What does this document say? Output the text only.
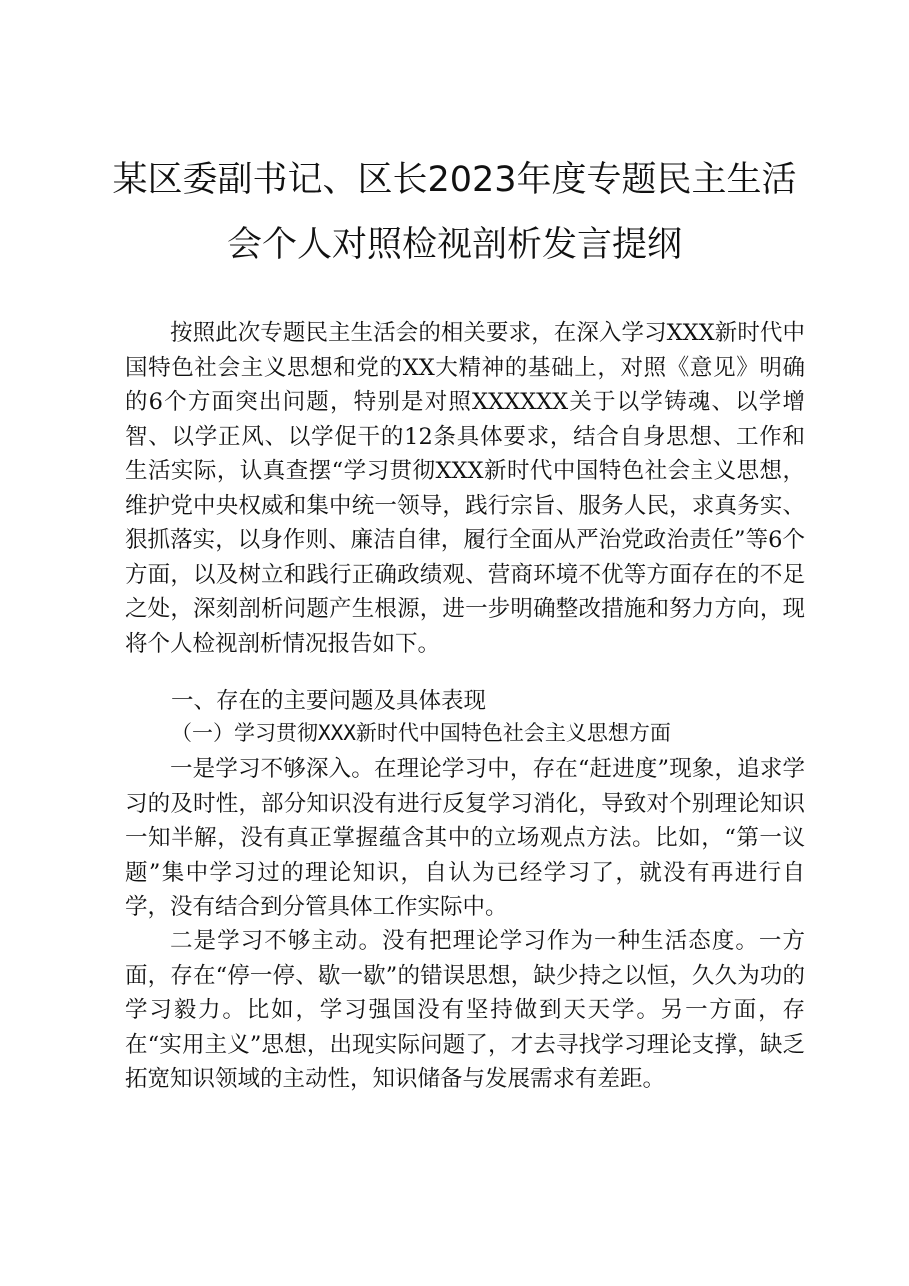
某区委副书记、区长2023年度专题民主生活
会个人对照检视剖析发言提纲

按照此次专题民主生活会的相关要求，在深入学习XXX新时代中国特色社会主义思想和党的XX大精神的基础上，对照《意见》明确的6个方面突出问题，特别是对照XXXXXX关于以学铸魂、以学增智、以学正风、以学促干的12条具体要求，结合自身思想、工作和生活实际，认真查摆“学习贯彻XXX新时代中国特色社会主义思想，维护党中央权威和集中统一领导，践行宗旨、服务人民，求真务实、狠抓落实，以身作则、廉洁自律，履行全面从严治党政治责任”等6个方面，以及树立和践行正确政绩观、营商环境不优等方面存在的不足之处，深刻剖析问题产生根源，进一步明确整改措施和努力方向，现将个人检视剖析情况报告如下。

一、存在的主要问题及具体表现
（一）学习贯彻XXX新时代中国特色社会主义思想方面

一是学习不够深入。在理论学习中，存在“赶进度”现象，追求学习的及时性，部分知识没有进行反复学习消化，导致对个别理论知识一知半解，没有真正掌握蕴含其中的立场观点方法。比如，“第一议题”集中学习过的理论知识，自认为已经学习了，就没有再进行自学，没有结合到分管具体工作实际中。

二是学习不够主动。没有把理论学习作为一种生活态度。一方面，存在“停一停、歇一歇”的错误思想，缺少持之以恒，久久为功的学习毅力。比如，学习强国没有坚持做到天天学。另一方面，存在“实用主义”思想，出现实际问题了，才去寻找学习理论支撑，缺乏拓宽知识领域的主动性，知识储备与发展需求有差距。
